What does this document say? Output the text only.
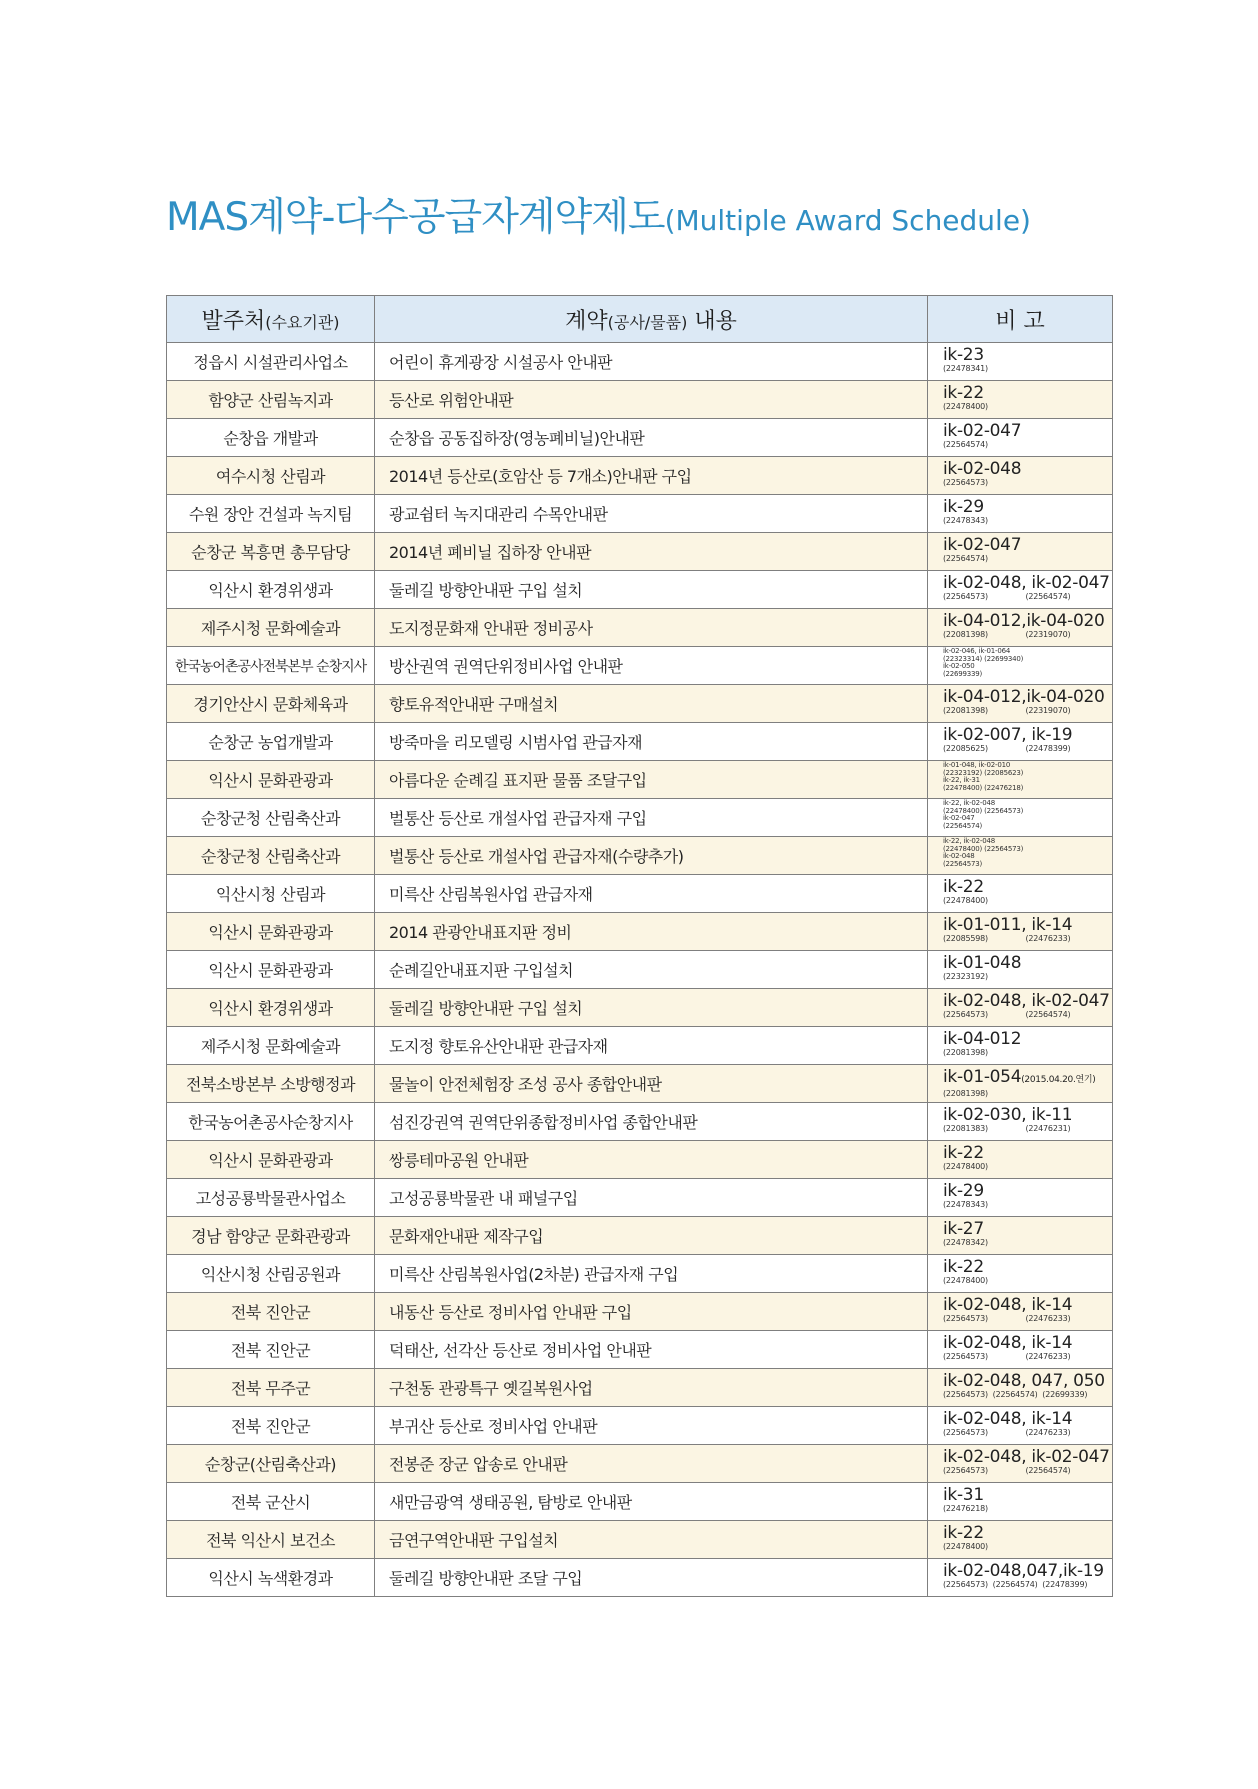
MAS계약-다수공급자계약제도(Multiple Award Schedule)
발주처(수요기관)	계약(공사/물품) 내용	비 고
정읍시 시설관리사업소	어린이 휴게광장 시설공사 안내판	ik-23
(22478341)

함양군 산림녹지과	등산로 위험안내판	ik-22
(22478400)

순창읍 개발과	순창읍 공동집하장(영농폐비닐)안내판	ik-02-047
(22564574)

여수시청 산림과	2014년 등산로(호암산 등 7개소)안내판 구입	ik-02-048
(22564573)

수원 장안 건설과 녹지팀	광교쉼터 녹지대관리 수목안내판	ik-29
(22478343)

순창군 복흥면 총무담당	2014년 폐비닐 집하장 안내판	ik-02-047
(22564574)

익산시 환경위생과	둘레길 방향안내판 구입 설치	ik-02-048, ik-02-047
(22564573)                (22564574)

제주시청 문화예술과	도지정문화재 안내판 정비공사	ik-04-012,ik-04-020
(22081398)                (22319070)

한국농어촌공사전북본부 순창지사	방산권역 권역단위정비사업 안내판	ik-02-046, ik-01-064
(22323314) (22699340)
ik-02-050
(22699339)

경기안산시 문화체육과	향토유적안내판 구매설치	ik-04-012,ik-04-020
(22081398)                (22319070)

순창군 농업개발과	방죽마을 리모델링 시범사업 관급자재	ik-02-007, ik-19
(22085625)                (22478399)

익산시 문화관광과	아름다운 순례길 표지판 물품 조달구입	ik-01-048, ik-02-010
(22323192) (22085623)
ik-22, ik-31
(22478400) (22476218)

순창군청 산림축산과	벌통산 등산로 개설사업 관급자재 구입	ik-22, ik-02-048
(22478400) (22564573)
ik-02-047
(22564574)

순창군청 산림축산과	벌통산 등산로 개설사업 관급자재(수량추가)	ik-22, ik-02-048
(22478400) (22564573)
ik-02-048
(22564573)

익산시청 산림과	미륵산 산림복원사업 관급자재	ik-22
(22478400)

익산시 문화관광과	2014 관광안내표지판 정비	ik-01-011, ik-14
(22085598)                (22476233)

익산시 문화관광과	순례길안내표지판 구입설치	ik-01-048
(22323192)

익산시 환경위생과	둘레길 방향안내판 구입 설치	ik-02-048, ik-02-047
(22564573)                (22564574)

제주시청 문화예술과	도지정 향토유산안내판 관급자재	ik-04-012
(22081398)

전북소방본부 소방행정과	물놀이 안전체험장 조성 공사 종합안내판	ik-01-054(2015.04.20.연기)
(22081398)

한국농어촌공사순창지사	섬진강권역 권역단위종합정비사업 종합안내판	ik-02-030, ik-11
(22081383)                (22476231)

익산시 문화관광과	쌍릉테마공원 안내판	ik-22
(22478400)

고성공룡박물관사업소	고성공룡박물관 내 패널구입	ik-29
(22478343)

경남 함양군 문화관광과	문화재안내판 제작구입	ik-27
(22478342)

익산시청 산림공원과	미륵산 산림복원사업(2차분) 관급자재 구입	ik-22
(22478400)

전북 진안군	내동산 등산로 정비사업 안내판 구입	ik-02-048, ik-14
(22564573)                (22476233)

전북 진안군	덕태산, 선각산 등산로 정비사업 안내판	ik-02-048, ik-14
(22564573)                (22476233)

전북 무주군	구천동 관광특구 옛길복원사업	ik-02-048, 047, 050
(22564573)  (22564574)  (22699339)

전북 진안군	부귀산 등산로 정비사업 안내판	ik-02-048, ik-14
(22564573)                (22476233)

순창군(산림축산과)	전봉준 장군 압송로 안내판	ik-02-048, ik-02-047
(22564573)                (22564574)

전북 군산시	새만금광역 생태공원, 탐방로 안내판	ik-31
(22476218)

전북 익산시 보건소	금연구역안내판 구입설치	ik-22
(22478400)

익산시 녹색환경과	둘레길 방향안내판 조달 구입	ik-02-048,047,ik-19
(22564573)  (22564574)  (22478399)
